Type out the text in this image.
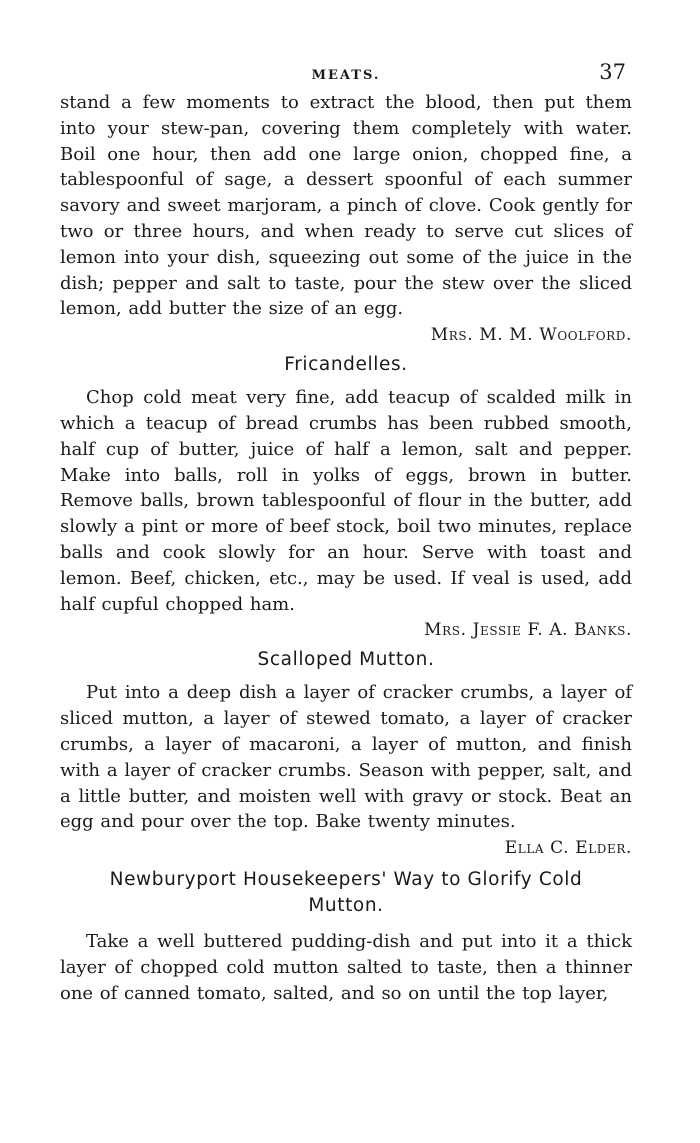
MEATS.	37

stand a few moments to extract the blood, then put them into your stew-pan, covering them completely with water. Boil one hour, then add one large onion, chopped fine, a tablespoonful of sage, a dessert spoonful of each summer savory and sweet marjoram, a pinch of clove. Cook gently for two or three hours, and when ready to serve cut slices of lemon into your dish, squeezing out some of the juice in the dish; pepper and salt to taste, pour the stew over the sliced lemon, add butter the size of an egg.

Mrs. M. M. Woolford.

Fricandelles.

Chop cold meat very fine, add teacup of scalded milk in which a teacup of bread crumbs has been rubbed smooth, half cup of butter, juice of half a lemon, salt and pepper. Make into balls, roll in yolks of eggs, brown in butter. Remove balls, brown tablespoonful of flour in the butter, add slowly a pint or more of beef stock, boil two minutes, replace balls and cook slowly for an hour. Serve with toast and lemon. Beef, chicken, etc., may be used. If veal is used, add half cupful chopped ham.

Mrs. Jessie F. A. Banks.

Scalloped Mutton.

Put into a deep dish a layer of cracker crumbs, a layer of sliced mutton, a layer of stewed tomato, a layer of cracker crumbs, a layer of macaroni, a layer of mutton, and finish with a layer of cracker crumbs. Season with pepper, salt, and a little butter, and moisten well with gravy or stock. Beat an egg and pour over the top. Bake twenty minutes.

Ella C. Elder.

Newburyport Housekeepers' Way to Glorify Cold Mutton.

Take a well buttered pudding-dish and put into it a thick layer of chopped cold mutton salted to taste, then a thinner one of canned tomato, salted, and so on until the top layer,
